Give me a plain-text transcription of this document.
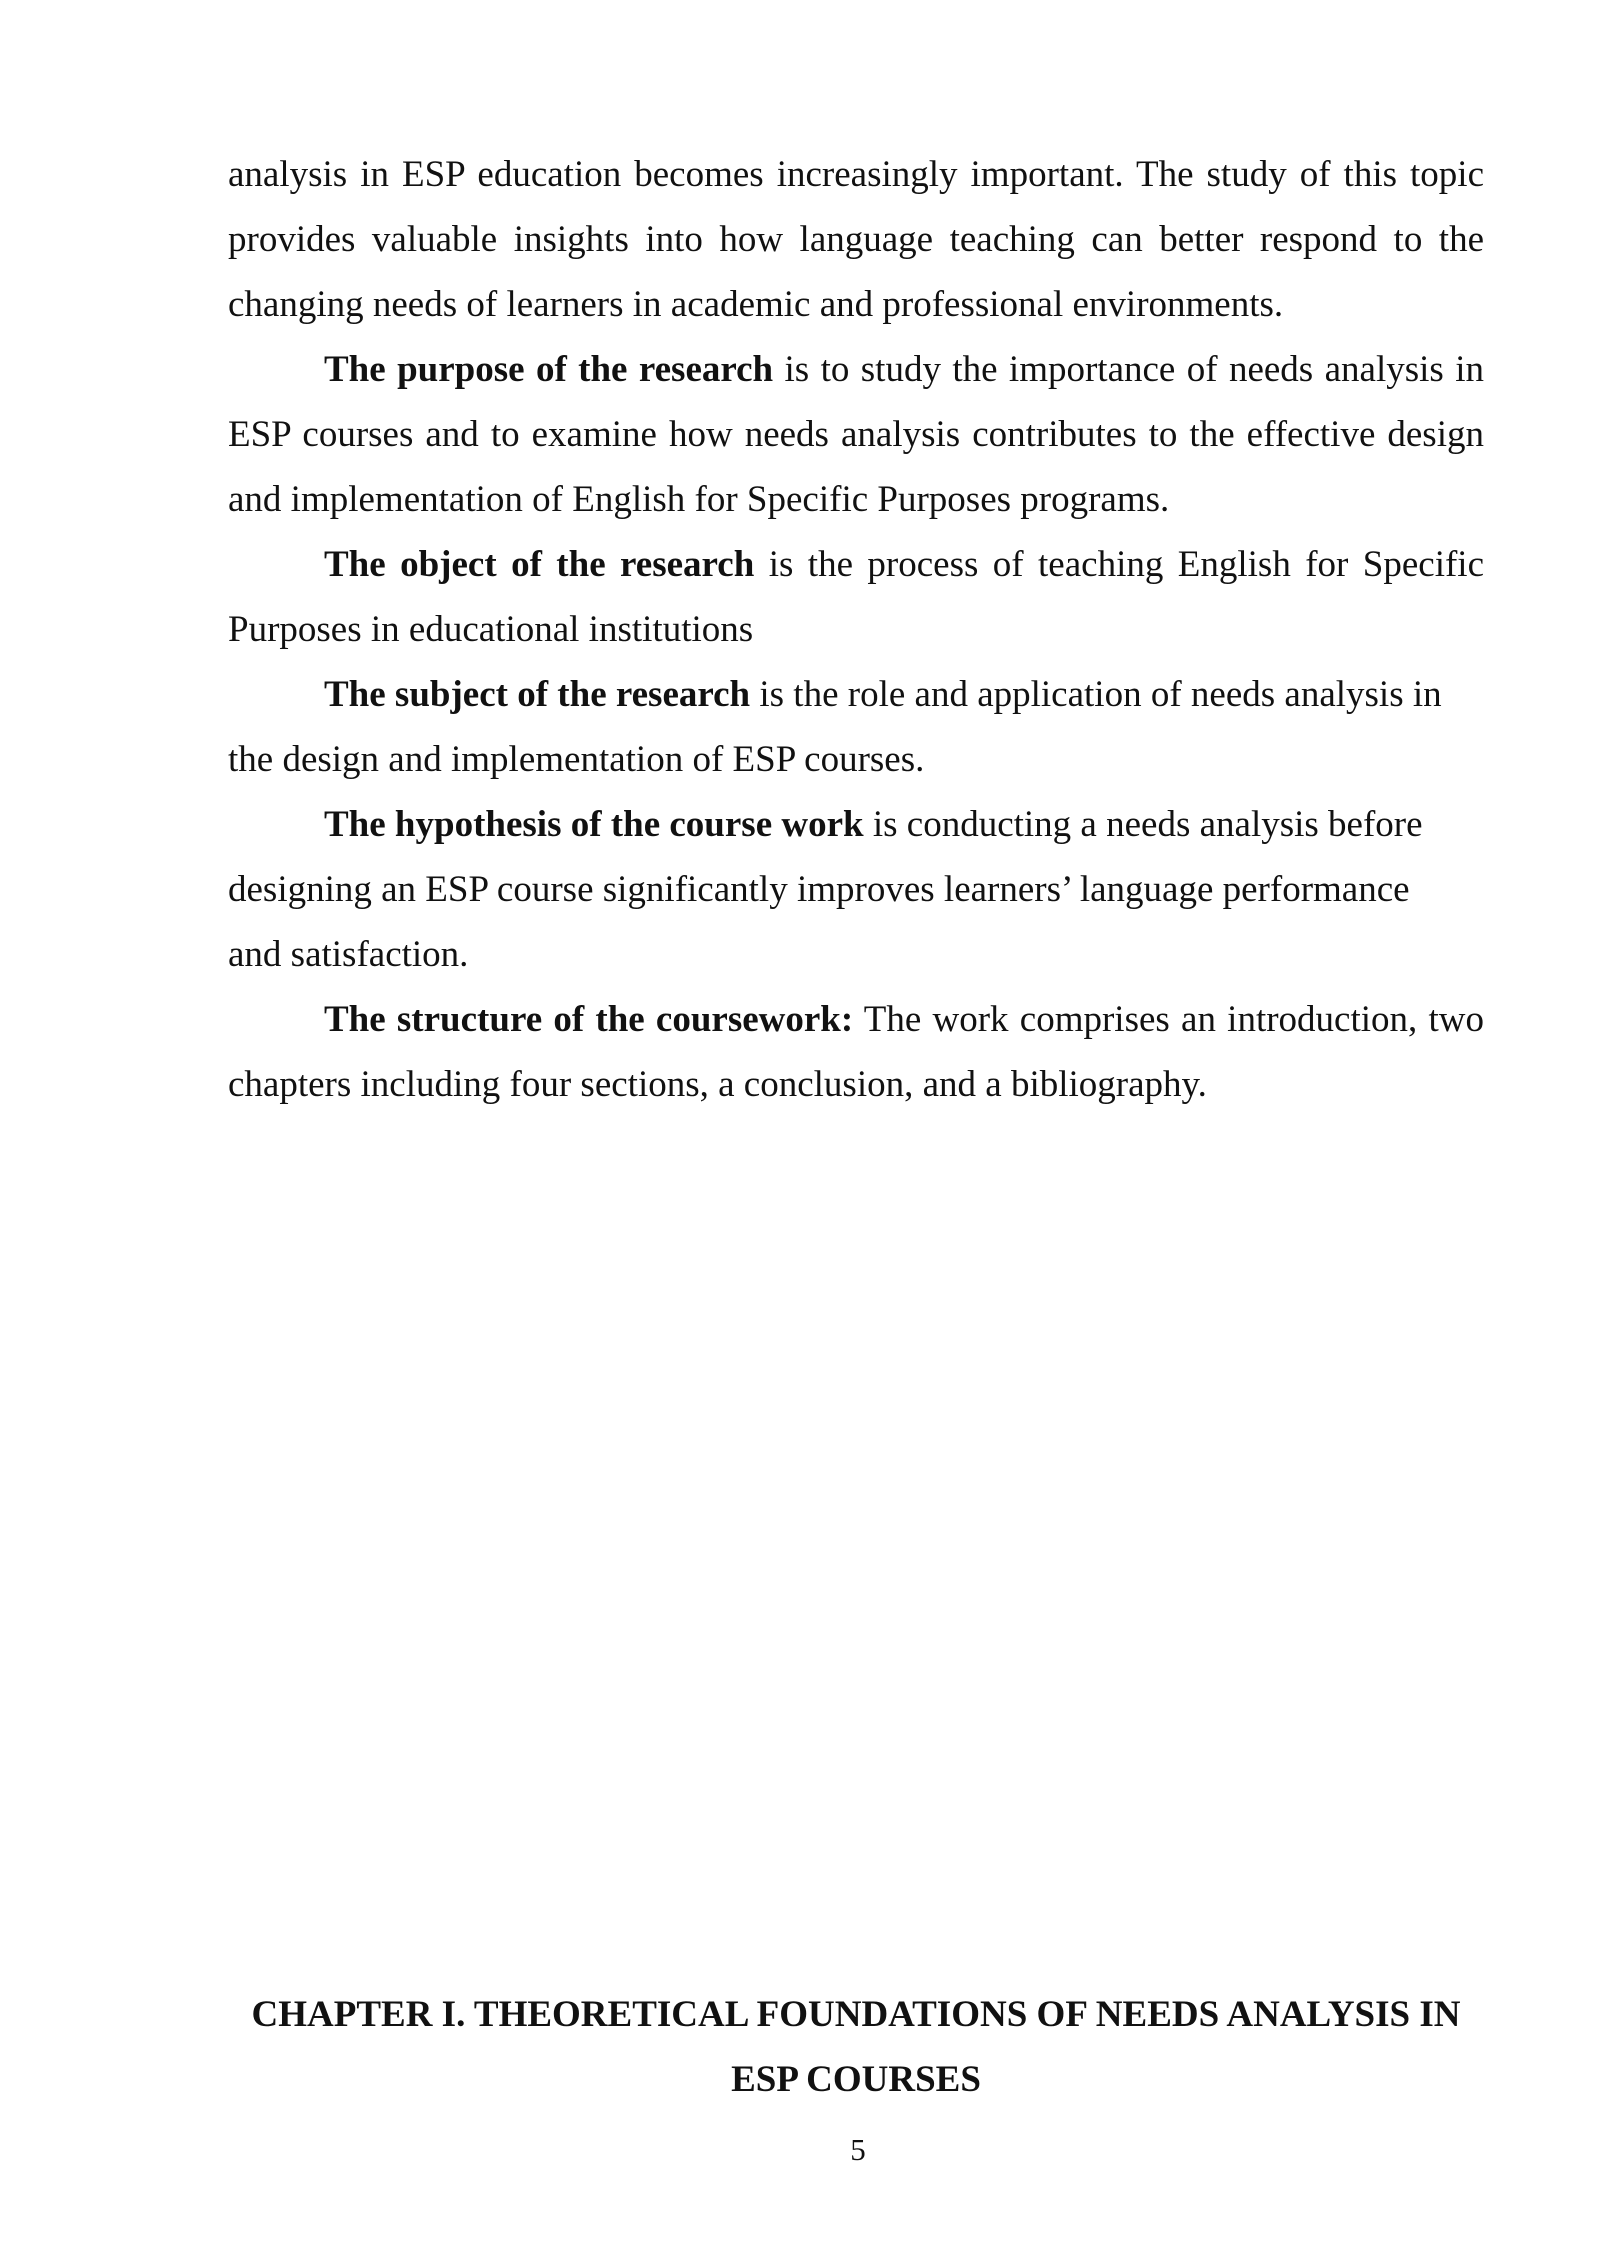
analysis in ESP education becomes increasingly important. The study of this topic provides valuable insights into how language teaching can better respond to the changing needs of learners in academic and professional environments.

The purpose of the research is to study the importance of needs analysis in ESP courses and to examine how needs analysis contributes to the effective design and implementation of English for Specific Purposes programs.

The object of the research is the process of teaching English for Specific Purposes in educational institutions

The subject of the research is the role and application of needs analysis in the design and implementation of ESP courses.

The hypothesis of the course work is conducting a needs analysis before designing an ESP course significantly improves learners’ language performance and satisfaction.

The structure of the coursework: The work comprises an introduction, two chapters including four sections, a conclusion, and a bibliography.

CHAPTER I. THEORETICAL FOUNDATIONS OF NEEDS ANALYSIS IN
ESP COURSES
5
